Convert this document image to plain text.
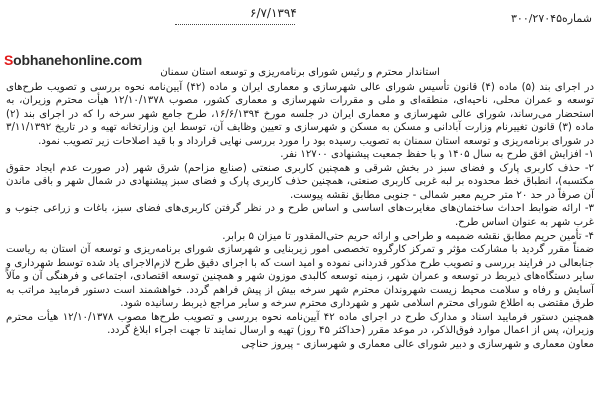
شماره۳۰۰/۲۷۰۴۵
۶/۷/۱۳۹۴
Sobhanehonline.com

استاندار محترم و رئیس شورای برنامه‌ریزی و توسعه استان سمنان

در اجرای بند (۵) ماده (۴) قانون تأسیس شورای عالی شهرسازی و معماری ایران و ماده (۴۲) آیین‌نامه نحوه بررسی و تصویب طرح‌های توسعه و عمران محلی، ناحیه‌ای، منطقه‌ای و ملی و مقررات شهرسازی و معماری کشور، مصوب ۱۲/۱۰/۱۳۷۸ هیأت محترم وزیران، به استحضار می‌رساند، شورای عالی شهرسازی و معماری ایران در جلسه مورخ ۱۶/۶/۱۳۹۴، طرح جامع شهر سرخه را که در اجرای بند (۲) ماده (۳) قانون تغییرنام وزارت آبادانی و مسکن به مسکن و شهرسازی و تعیین وظایف آن، توسط این وزارتخانه تهیه و در تاریخ ۳/۱۱/۱۳۹۲ در شورای برنامه‌ریزی و توسعه استان سمنان به تصویب رسیده بود را مورد بررسی نهایی قرارداد و با قید اصلاحات زیر تصویب نمود.

۱- افزایش افق طرح به سال ۱۴۰۵ و با حفظ جمعیت پیشنهادی ۱۲۷۰۰ نفر.

۲- حذف کاربری پارک و فضای سبز در بخش شرقی و همچنین کاربری صنعتی (صنایع مزاحم) شرق شهر (در صورت عدم ایجاد حقوق مکتسبه)، انطباق خط محدوده بر لبه غربی کاربری صنعتی، همچنین حذف کاربری پارک و فضای سبز پیشنهادی در شمال شهر و باقی ماندن آن صرفاً در حد ۲۰ متر حریم معبر شمالی - جنوبی مطابق نقشه پیوست.

۳- ارائه ضوابط احداث ساختمان‌های مغایرت‌های اساسی و اساس طرح و در نظر گرفتن کاربری‌های فضای سبز، باغات و زراعی جنوب و غرب شهر به عنوان اساس طرح.

۴- تأمین حریم مطابق نقشه ضمیمه و طراحی و ارائه حریم حتی‌المقدور تا میزان ۵ برابر.

ضمناً مقرر گردید با مشارکت مؤثر و تمرکز کارگروه تخصصی امور زیربنایی و شهرسازی شورای برنامه‌ریزی و توسعه آن استان به ریاست جنابعالی در فرایند بررسی و تصویب طرح مذکور قدردانی نموده و امید است که با اجرای دقیق طرح لازم‌الاجرای یاد شده توسط شهرداری و سایر دستگاه‌های ذیربط در توسعه و عمران شهر، زمینه توسعه کالبدی موزون شهر و همچنین توسعه اقتصادی، اجتماعی و فرهنگی آن و مآلاً آسایش و رفاه و سلامت محیط زیست شهروندان محترم شهر سرخه بیش از پیش فراهم گردد. خواهشمند است دستور فرمایید مراتب به طرق مقتضی به اطلاع شورای محترم اسلامی شهر و شهرداری محترم سرخه و سایر مراجع ذیربط رسانیده شود.

همچنین دستور فرمایید اسناد و مدارک طرح در اجرای ماده ۴۲ آیین‌نامه نحوه بررسی و تصویب طرح‌ها مصوب ۱۲/۱۰/۱۳۷۸ هیأت محترم وزیران، پس از اعمال موارد فوق‌الذکر، در موعد مقرر (حداکثر ۴۵ روز) تهیه و ارسال نمایند تا جهت اجراء ابلاغ گردد.

معاون معماری و شهرسازی و دبیر شورای عالی معماری و شهرسازی - پیروز حناچی
